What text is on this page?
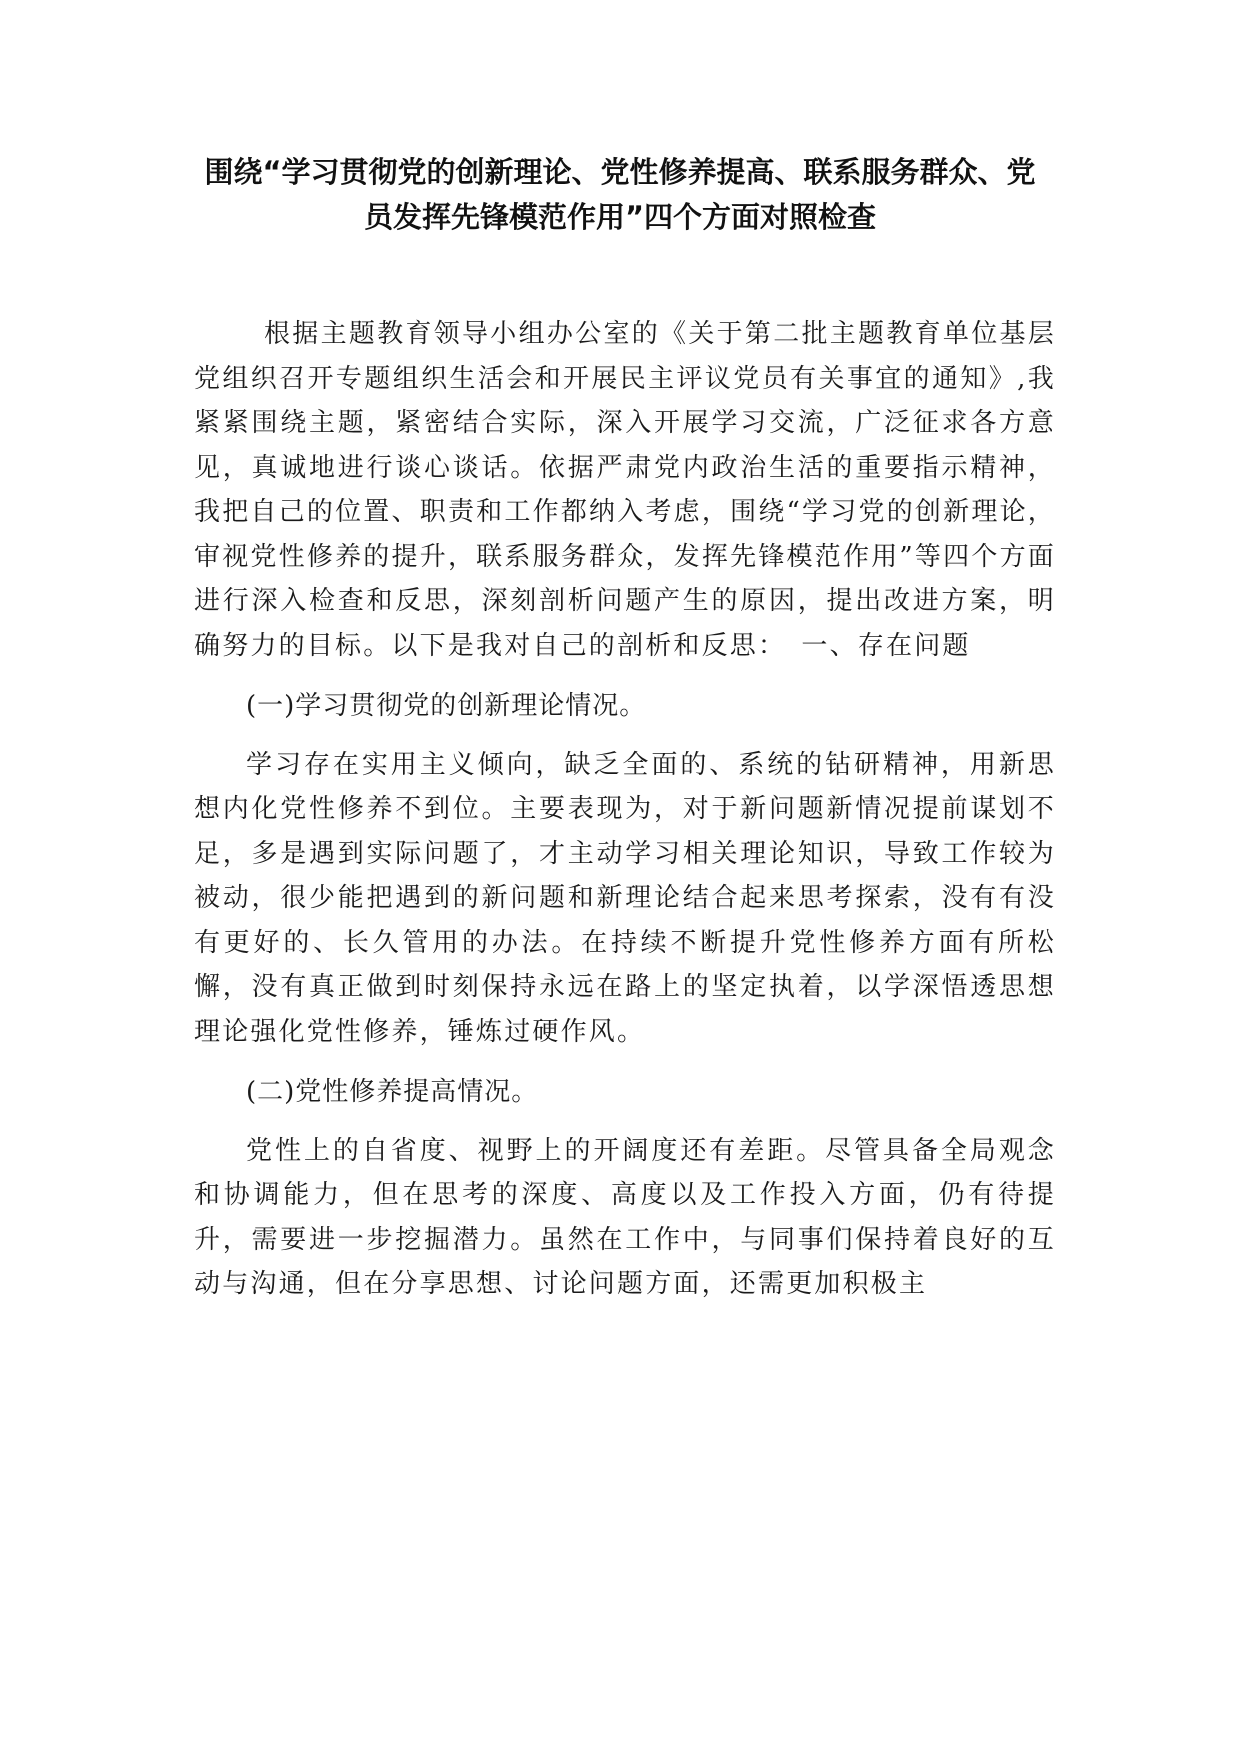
围绕“学习贯彻党的创新理论、党性修养提高、联系服务群众、党
员发挥先锋模范作用”四个方面对照检查

根据主题教育领导小组办公室的《关于第二批主题教育单位基层党组织召开专题组织生活会和开展民主评议党员有关事宜的通知》,我紧紧围绕主题，紧密结合实际，深入开展学习交流，广泛征求各方意见，真诚地进行谈心谈话。依据严肃党内政治生活的重要指示精神，我把自己的位置、职责和工作都纳入考虑，围绕“学习党的创新理论，审视党性修养的提升，联系服务群众，发挥先锋模范作用”等四个方面进行深入检查和反思，深刻剖析问题产生的原因，提出改进方案，明确努力的目标。以下是我对自己的剖析和反思：　一、存在问题

(一)学习贯彻党的创新理论情况。

学习存在实用主义倾向，缺乏全面的、系统的钻研精神，用新思想内化党性修养不到位。主要表现为，对于新问题新情况提前谋划不足，多是遇到实际问题了，才主动学习相关理论知识，导致工作较为被动，很少能把遇到的新问题和新理论结合起来思考探索，没有有没有更好的、长久管用的办法。在持续不断提升党性修养方面有所松懈，没有真正做到时刻保持永远在路上的坚定执着，以学深悟透思想理论强化党性修养，锤炼过硬作风。

(二)党性修养提高情况。

党性上的自省度、视野上的开阔度还有差距。尽管具备全局观念和协调能力，但在思考的深度、高度以及工作投入方面，仍有待提升，需要进一步挖掘潜力。虽然在工作中，与同事们保持着良好的互动与沟通，但在分享思想、讨论问题方面，还需更加积极主
